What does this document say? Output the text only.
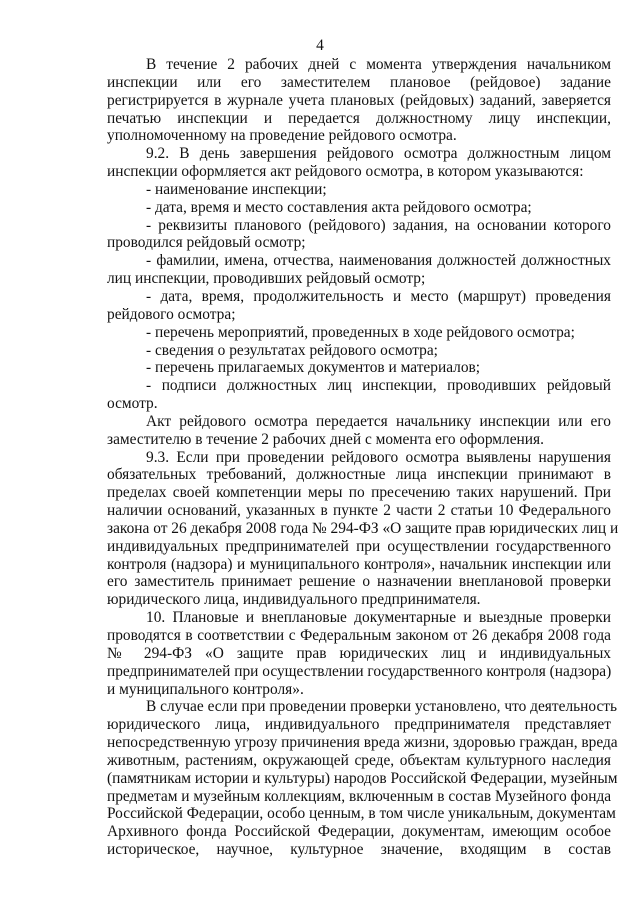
4
В течение 2 рабочих дней с момента утверждения начальником
инспекции или его заместителем плановое (рейдовое) задание
регистрируется в журнале учета плановых (рейдовых) заданий, заверяется
печатью инспекции и передается должностному лицу инспекции,
уполномоченному на проведение рейдового осмотра.
9.2. В день завершения рейдового осмотра должностным лицом
инспекции оформляется акт рейдового осмотра, в котором указываются:
- наименование инспекции;
- дата, время и место составления акта рейдового осмотра;
- реквизиты планового (рейдового) задания, на основании которого
проводился рейдовый осмотр;
- фамилии, имена, отчества, наименования должностей должностных
лиц инспекции, проводивших рейдовый осмотр;
- дата, время, продолжительность и место (маршрут) проведения
рейдового осмотра;
- перечень мероприятий, проведенных в ходе рейдового осмотра;
- сведения о результатах рейдового осмотра;
- перечень прилагаемых документов и материалов;
- подписи должностных лиц инспекции, проводивших рейдовый
осмотр.
Акт рейдового осмотра передается начальнику инспекции или его
заместителю в течение 2 рабочих дней с момента его оформления.
9.3. Если при проведении рейдового осмотра выявлены нарушения
обязательных требований, должностные лица инспекции принимают в
пределах своей компетенции меры по пресечению таких нарушений. При
наличии оснований, указанных в пункте 2 части 2 статьи 10 Федерального
закона от 26 декабря 2008 года № 294-ФЗ «О защите прав юридических лиц и
индивидуальных предпринимателей при осуществлении государственного
контроля (надзора) и муниципального контроля», начальник инспекции или
его заместитель принимает решение о назначении внеплановой проверки
юридического лица, индивидуального предпринимателя.
10. Плановые и внеплановые документарные и выездные проверки
проводятся в соответствии с Федеральным законом от 26 декабря 2008 года
№ 294-ФЗ «О защите прав юридических лиц и индивидуальных
предпринимателей при осуществлении государственного контроля (надзора)
и муниципального контроля».
В случае если при проведении проверки установлено, что деятельность
юридического лица, индивидуального предпринимателя представляет
непосредственную угрозу причинения вреда жизни, здоровью граждан, вреда
животным, растениям, окружающей среде, объектам культурного наследия
(памятникам истории и культуры) народов Российской Федерации, музейным
предметам и музейным коллекциям, включенным в состав Музейного фонда
Российской Федерации, особо ценным, в том числе уникальным, документам
Архивного фонда Российской Федерации, документам, имеющим особое
историческое, научное, культурное значение, входящим в состав
